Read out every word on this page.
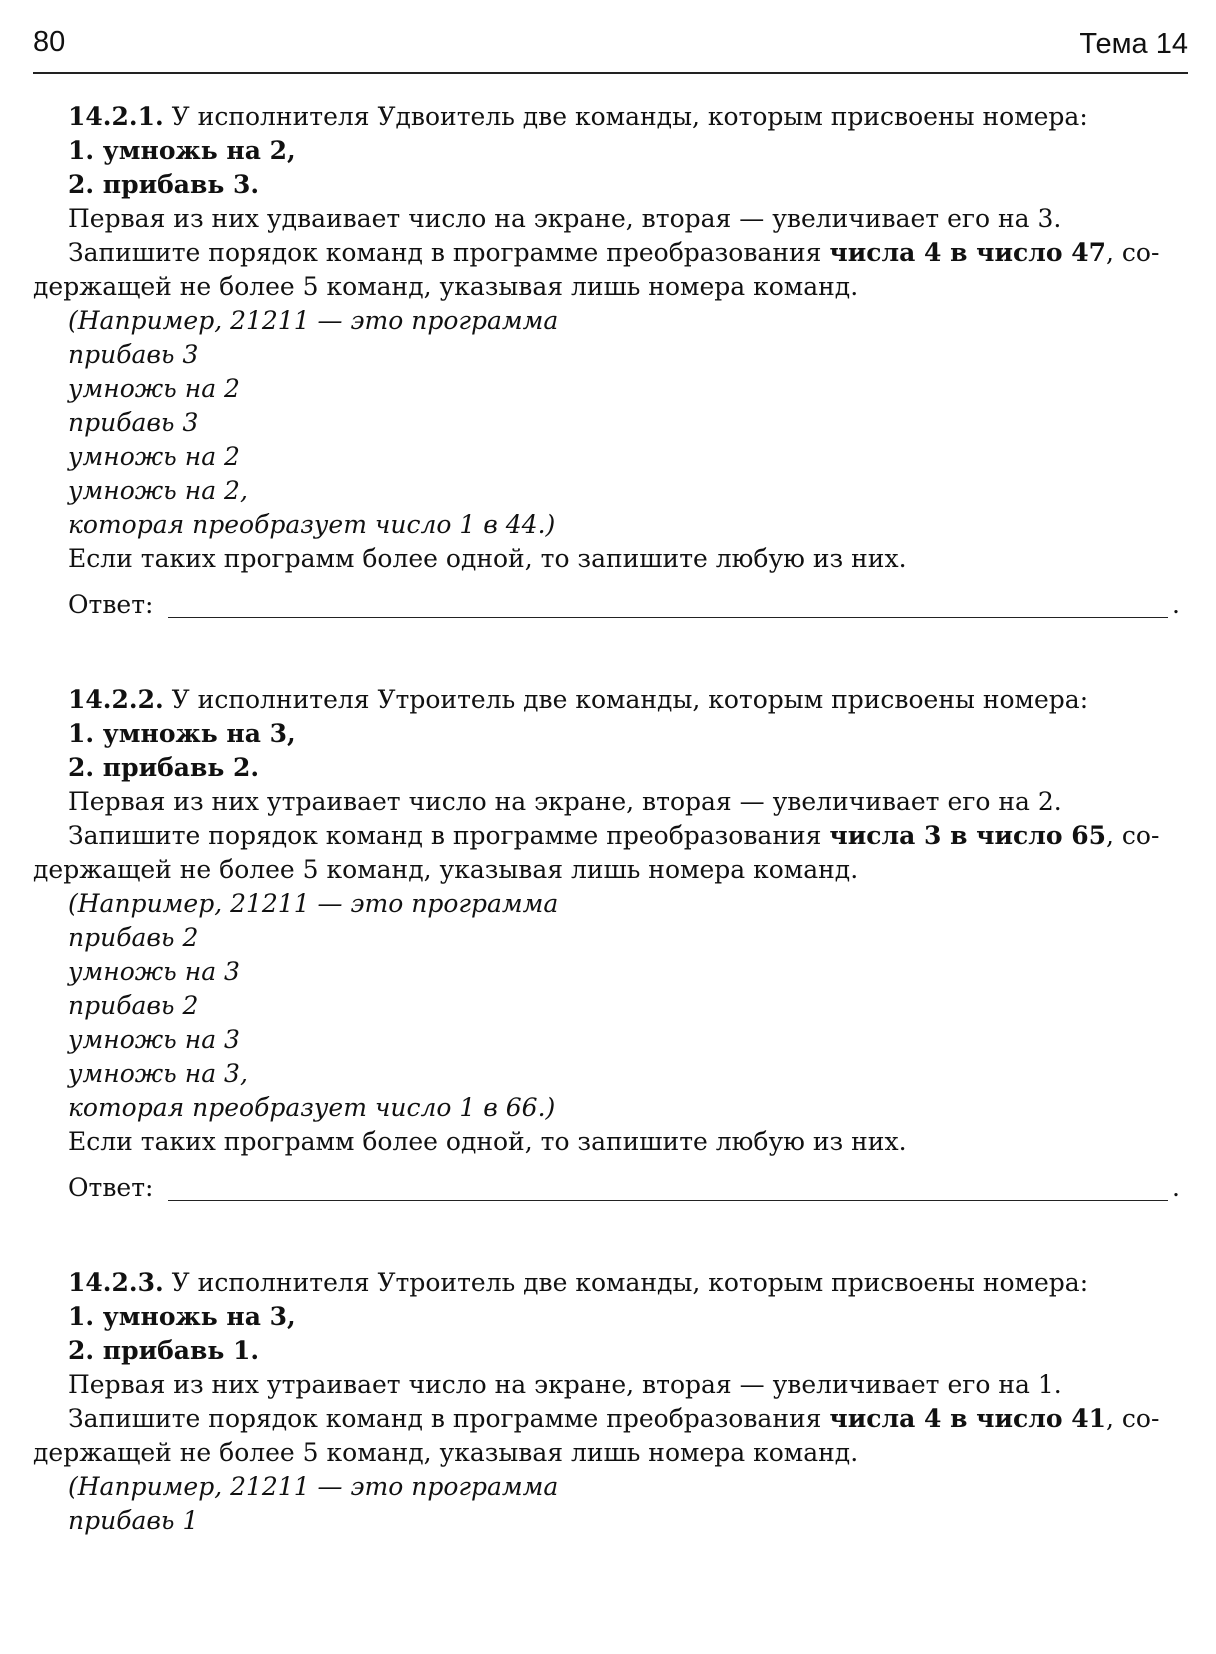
80	Тема 14
14.2.1. У исполнителя Удвоитель две команды, которым присвоены номера:
1. умножь на 2,
2. прибавь 3.
Первая из них удваивает число на экране, вторая — увеличивает его на 3.
Запишите порядок команд в программе преобразования числа 4 в число 47, со-
держащей не более 5 команд, указывая лишь номера команд.
(Например, 21211 — это программа
прибавь 3
умножь на 2
прибавь 3
умножь на 2
умножь на 2,
которая преобразует число 1 в 44.)
Если таких программ более одной, то запишите любую из них.
Ответ:	.
14.2.2. У исполнителя Утроитель две команды, которым присвоены номера:
1. умножь на 3,
2. прибавь 2.
Первая из них утраивает число на экране, вторая — увеличивает его на 2.
Запишите порядок команд в программе преобразования числа 3 в число 65, со-
держащей не более 5 команд, указывая лишь номера команд.
(Например, 21211 — это программа
прибавь 2
умножь на 3
прибавь 2
умножь на 3
умножь на 3,
которая преобразует число 1 в 66.)
Если таких программ более одной, то запишите любую из них.
Ответ:	.
14.2.3. У исполнителя Утроитель две команды, которым присвоены номера:
1. умножь на 3,
2. прибавь 1.
Первая из них утраивает число на экране, вторая — увеличивает его на 1.
Запишите порядок команд в программе преобразования числа 4 в число 41, со-
держащей не более 5 команд, указывая лишь номера команд.
(Например, 21211 — это программа
прибавь 1
